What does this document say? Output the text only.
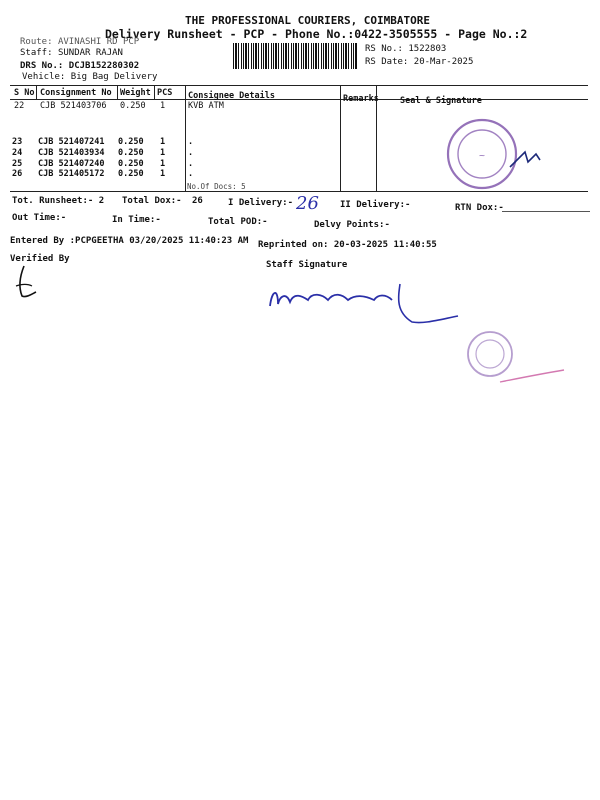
THE PROFESSIONAL COURIERS, COIMBATORE
Delivery Runsheet - PCP - Phone No.:0422-3505555 - Page No.:2
Route: AVINASHI RD PCP
Staff: SUNDAR RAJAN
DRS No.: DCJB152280302
Vehicle: Big Bag Delivery
RS No.: 1522803
RS Date: 20-Mar-2025
S No Consignment No Weight PCS Consignee Details	Remarks Seal & Signature
22 CJB 521403706 0.250 1	KVB ATM
23 CJB 521407241 0.250 1	.
24 CJB 521403934 0.250 1	.
25 CJB 521407240 0.250 1	.
26 CJB 521405172 0.250 1	.
No.Of Docs: 5
~
Tot. Runsheet:- 2 Total Dox:- 26	I Delivery:- 26 II Delivery:-	RTN Dox:-
Out Time:-	In Time:-	Total POD:-	Delvy Points:-
Entered By :PCPGEETHA 03/20/2025 11:40:23 AM Reprinted on: 20-03-2025 11:40:55
Verified By
Staff Signature
